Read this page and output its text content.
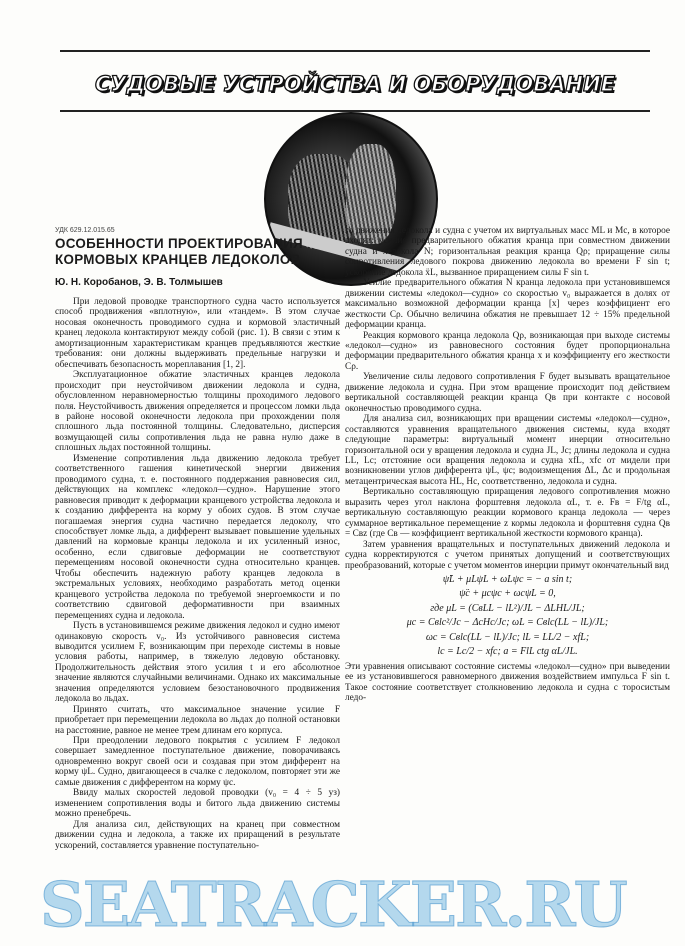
СУДОВЫЕ УСТРОЙСТВА И ОБОРУДОВАНИЕ
УДК 629.12.015.65
ОСОБЕННОСТИ ПРОЕКТИРОВАНИЯ КОРМОВЫХ КРАНЦЕВ ЛЕДОКОЛОВ
Ю. Н. Коробанов, Э. В. Толмышев

При ледовой проводке транспортного судна часто используется способ продвижения «вплотную», или «тандем». В этом случае носовая оконечность проводимого судна и кормовой эластичный кранец ледокола контактируют между собой (рис. 1). В связи с этим к амортизационным характеристикам кранцев предъявляются жесткие требования: они должны выдерживать предельные нагрузки и обеспечивать безопасность мореплавания [1, 2].

Эксплуатационное обжатие эластичных кранцев ледокола происходит при неустойчивом движении ледокола и судна, обусловленном неравномерностью толщины проходимого ледового поля. Неустойчивость движения определяется и процессом ломки льда в районе носовой оконечности ледокола при прохождении поля сплошного льда постоянной толщины. Следовательно, дисперсия возмущающей силы сопротивления льда не равна нулю даже в сплошных льдах постоянной толщины.

Изменение сопротивления льда движению ледокола требует соответственного гашения кинетической энергии движения проводимого судна, т. е. постоянного поддержания равновесия сил, действующих на комплекс «ледокол—судно». Нарушение этого равновесия приводит к деформации кранцевого устройства ледокола и к созданию дифферента на корму у обоих судов. В этом случае погашаемая энергия судна частично передается ледоколу, что способствует ломке льда, а дифферент вызывает повышение удельных давлений на кормовые кранцы ледокола и их усиленный износ, особенно, если сдвиговые деформации не соответствуют перемещениям носовой оконечности судна относительно кранцев. Чтобы обеспечить надежную работу кранцев ледокола в экстремальных условиях, необходимо разработать метод оценки кранцевого устройства ледокола по требуемой энергоемкости и по соответствию сдвиговой деформативности при взаимных перемещениях судна и ледокола.

Пусть в установившемся режиме движения ледокол и судно имеют одинаковую скорость v₀. Из устойчивого равновесия система выводится усилием F, возникающим при переходе системы в новые условия работы, например, в тяжелую ледовую обстановку. Продолжительность действия этого усилия t и его абсолютное значение являются случайными величинами. Однако их максимальные значения определяются условием безостановочного продвижения ледокола во льдах.

Принято считать, что максимальное значение усилие F приобретает при перемещении ледокола во льдах до полной остановки на расстояние, равное не менее трем длинам его корпуса.

При преодолении ледового покрытия с усилием F ледокол совершает замедленное поступательное движение, поворачиваясь одновременно вокруг своей оси и создавая при этом дифферент на корму ψL. Судно, двигающееся в счалке с ледоколом, повторяет эти же самые движения с дифферентом на корму ψc.

Ввиду малых скоростей ледовой проводки (v₀ = 4 ÷ 5 уз) изменением сопротивления воды и битого льда движению системы можно пренебречь.

Для анализа сил, действующих на кранец при совместном движении судна и ледокола, а также их приращений в результате ускорений, составляется уравнение поступательно-

го движения ледокола и судна с учетом их виртуальных масс ML и Mc, в которое входят: усилие предварительного обжатия кранца при совместном движении судна и ледокола N; горизонтальная реакция кранца Qρ; приращение силы сопротивления ледового покрова движению ледокола во времени F sin t; ускорение ледокола ẍL, вызванное приращением силы F sin t.

Усилие предварительного обжатия N кранца ледокола при установившемся движении системы «ледокол—судно» со скоростью v₀ выражается в долях от максимально возможной деформации кранца [x] через коэффициент его жесткости Cρ. Обычно величина обжатия не превышает 12 ÷ 15% предельной деформации кранца.

Реакция кормового кранца ледокола Qρ, возникающая при выходе системы «ледокол—судно» из равновесного состояния будет пропорциональна деформации предварительного обжатия кранца x и коэффициенту его жесткости Cρ.

Увеличение силы ледового сопротивления F будет вызывать вращательное движение ледокола и судна. При этом вращение происходит под действием вертикальной составляющей реакции кранца Qв при контакте с носовой оконечностью проводимого судна.

Для анализа сил, возникающих при вращении системы «ледокол—судно», составляются уравнения вращательного движения системы, куда входят следующие параметры: виртуальный момент инерции относительно горизонтальной оси y вращения ледокола и судна JL, Jc; длины ледокола и судна LL, Lc; отстояние оси вращения ледокола и судна xfL, xfc от мидели при возникновении углов дифферента ψL, ψc; водоизмещения ΔL, Δc и продольная метацентрическая высота HL, Hc, соответственно, ледокола и судна.

Вертикально составляющую приращения ледового сопротивления можно выразить через угол наклона форштевня ледокола αL, т. е. Fв = F/tg αL, вертикальную составляющую реакции кормового кранца ледокола — через суммарное вертикальное перемещение z кормы ледокола и форштевня судна Qв = Cвz (где Cв — коэффициент вертикальной жесткости кормового кранца).

Затем уравнения вращательных и поступательных движений ледокола и судна корректируются с учетом принятых допущений и соответствующих преобразований, которые с учетом моментов инерции примут окончательный вид

ψ̈L + μLψL + ωLψc = − a sin t;
ψ̈c + μcψc + ωcψL = 0,
где μL = (CвLL − lL²)/JL − ΔLHL/JL;
μc = Cвlc²/Jc − ΔcHc/Jc; ωL = Cвlc(LL − lL)/JL;
ωc = Cвlc(LL − lL)/Jc; lL = LL/2 − xfL;
lc = Lc/2 − xfc; a = FlL ctg αL/JL.

Эти уравнения описывают состояние системы «ледокол—судно» при выведении ее из установившегося равномерного движения воздействием импульса F sin t. Такое состояние соответствует столкновению ледокола и судна с торосистым ледо-

SEATRACKER.RU
